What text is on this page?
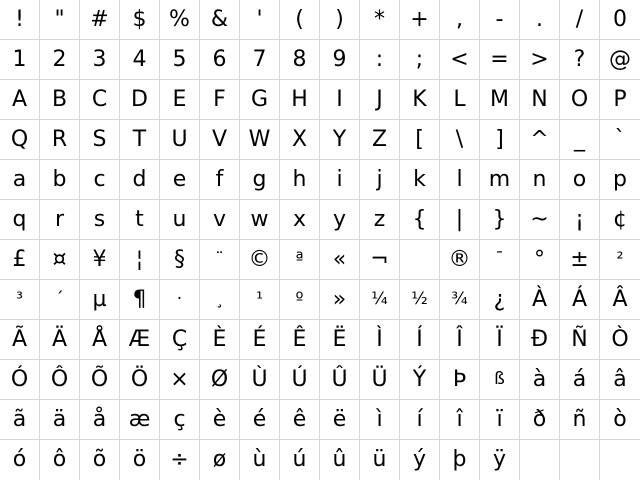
! " # $ % & ' ( ) * + , - . / 0
1 2 3 4 5 6 7 8 9 : ; < = > ? @
A B C D E F G H I J K L M N O P
Q R S T U V W X Y Z [ \ ] ^ _ `
a b c d e f g h i j k l m n o p
q r s t u v w x y z { | } ~ ¡ ¢
£ ¤ ¥ ¦ § ¨ © ª « ¬	® ¯ ° ± ²
³ ´ µ ¶ · ¸ ¹ º » ¼ ½ ¾ ¿ À Á Â
Ã Ä Å Æ Ç È É Ê Ë Ì Í Î Ï Ð Ñ Ò
Ó Ô Õ Ö × Ø Ù Ú Û Ü Ý Þ ß à á â
ã ä å æ ç è é ê ë ì í î ï ð ñ ò
ó ô õ ö ÷ ø ù ú û ü ý þ ÿ
